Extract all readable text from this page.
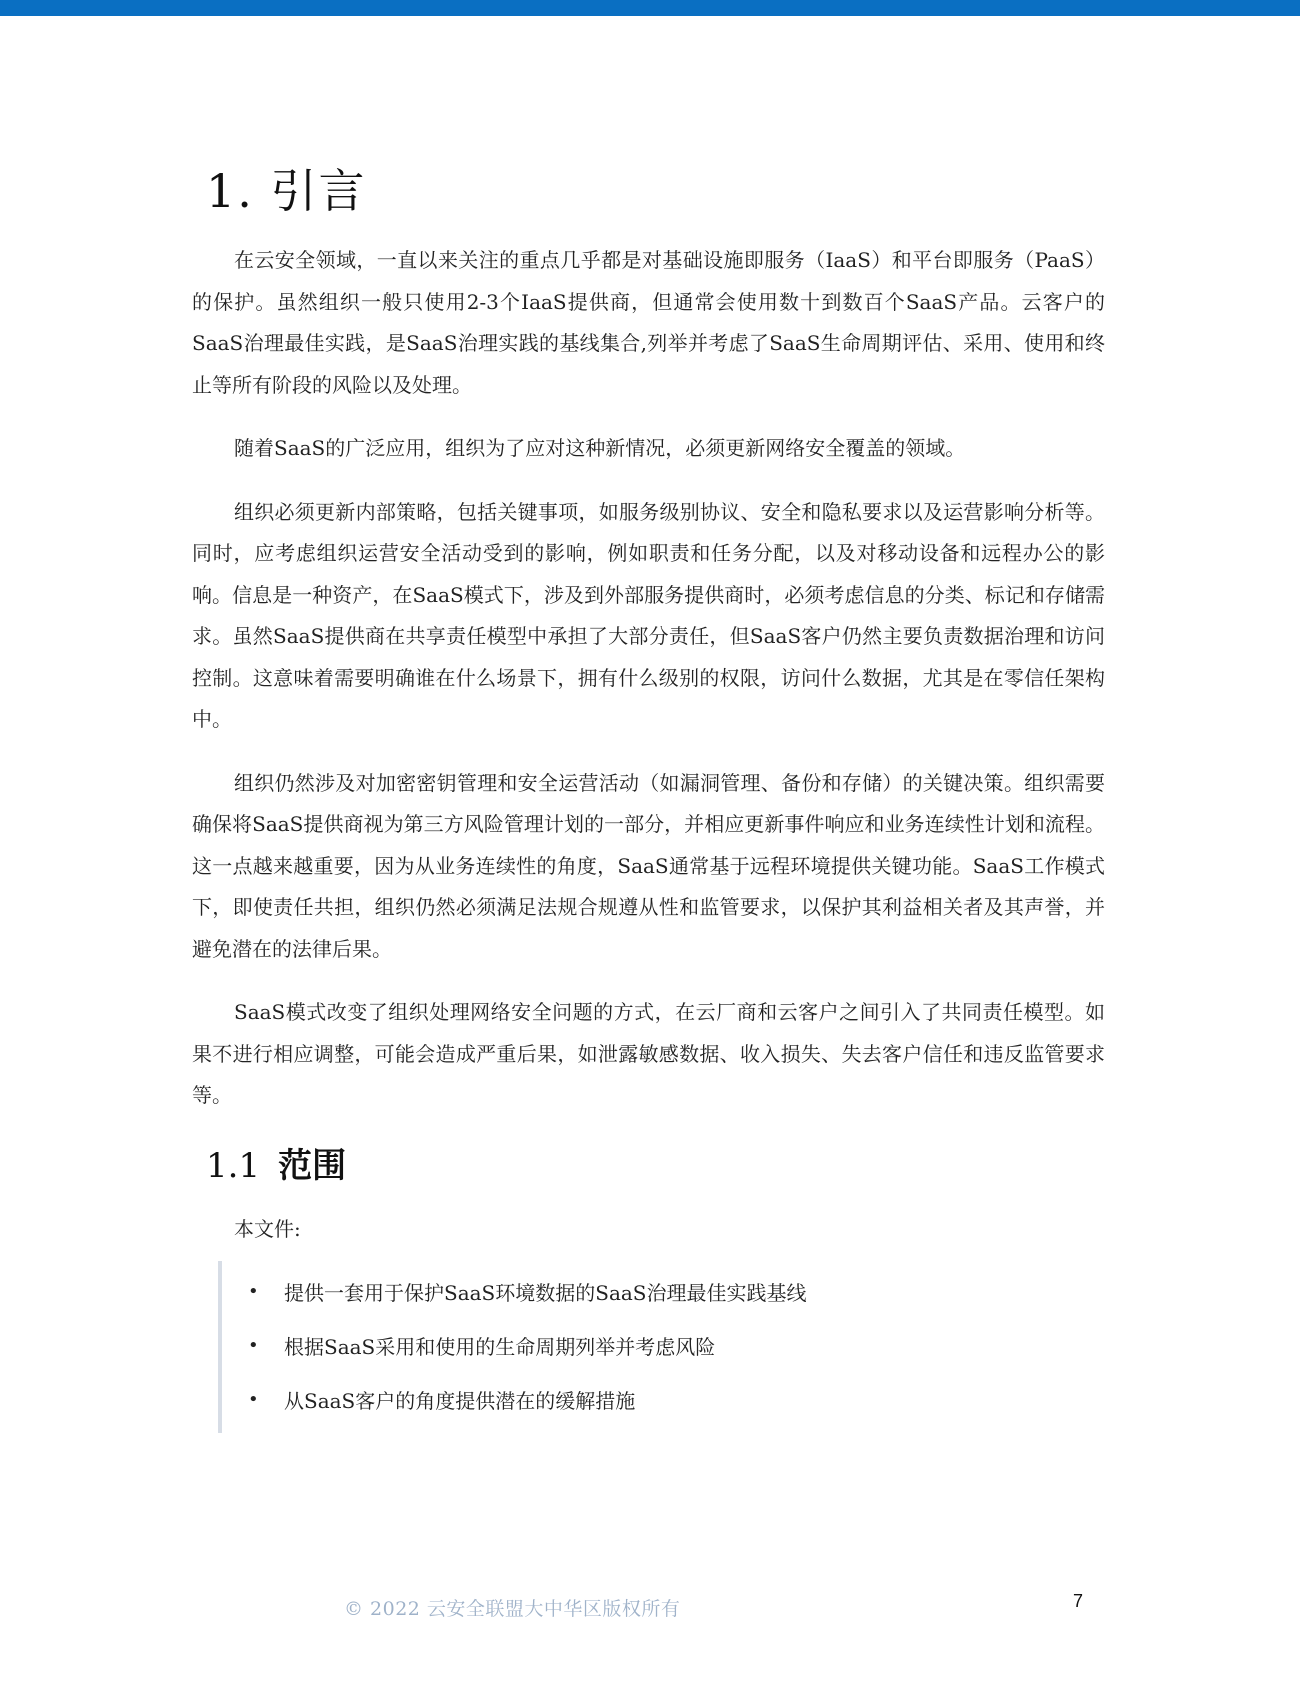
1. 引言

在云安全领域，一直以来关注的重点几乎都是对基础设施即服务（IaaS）和平台即服务（PaaS）的保护。虽然组织一般只使用2-3个IaaS提供商，但通常会使用数十到数百个SaaS产品。云客户的SaaS治理最佳实践，是SaaS治理实践的基线集合,列举并考虑了SaaS生命周期评估、采用、使用和终止等所有阶段的风险以及处理。

随着SaaS的广泛应用，组织为了应对这种新情况，必须更新网络安全覆盖的领域。

组织必须更新内部策略，包括关键事项，如服务级别协议、安全和隐私要求以及运营影响分析等。同时，应考虑组织运营安全活动受到的影响，例如职责和任务分配，以及对移动设备和远程办公的影响。信息是一种资产，在SaaS模式下，涉及到外部服务提供商时，必须考虑信息的分类、标记和存储需求。虽然SaaS提供商在共享责任模型中承担了大部分责任，但SaaS客户仍然主要负责数据治理和访问控制。这意味着需要明确谁在什么场景下，拥有什么级别的权限，访问什么数据，尤其是在零信任架构中。

组织仍然涉及对加密密钥管理和安全运营活动（如漏洞管理、备份和存储）的关键决策。组织需要确保将SaaS提供商视为第三方风险管理计划的一部分，并相应更新事件响应和业务连续性计划和流程。这一点越来越重要，因为从业务连续性的角度，SaaS通常基于远程环境提供关键功能。SaaS工作模式下，即使责任共担，组织仍然必须满足法规合规遵从性和监管要求，以保护其利益相关者及其声誉，并避免潜在的法律后果。

SaaS模式改变了组织处理网络安全问题的方式，在云厂商和云客户之间引入了共同责任模型。如果不进行相应调整，可能会造成严重后果，如泄露敏感数据、收入损失、失去客户信任和违反监管要求等。

1.1 范围
本文件:
•	提供一套用于保护SaaS环境数据的SaaS治理最佳实践基线
•	根据SaaS采用和使用的生命周期列举并考虑风险
•	从SaaS客户的角度提供潜在的缓解措施
© 2022 云安全联盟大中华区版权所有	7
